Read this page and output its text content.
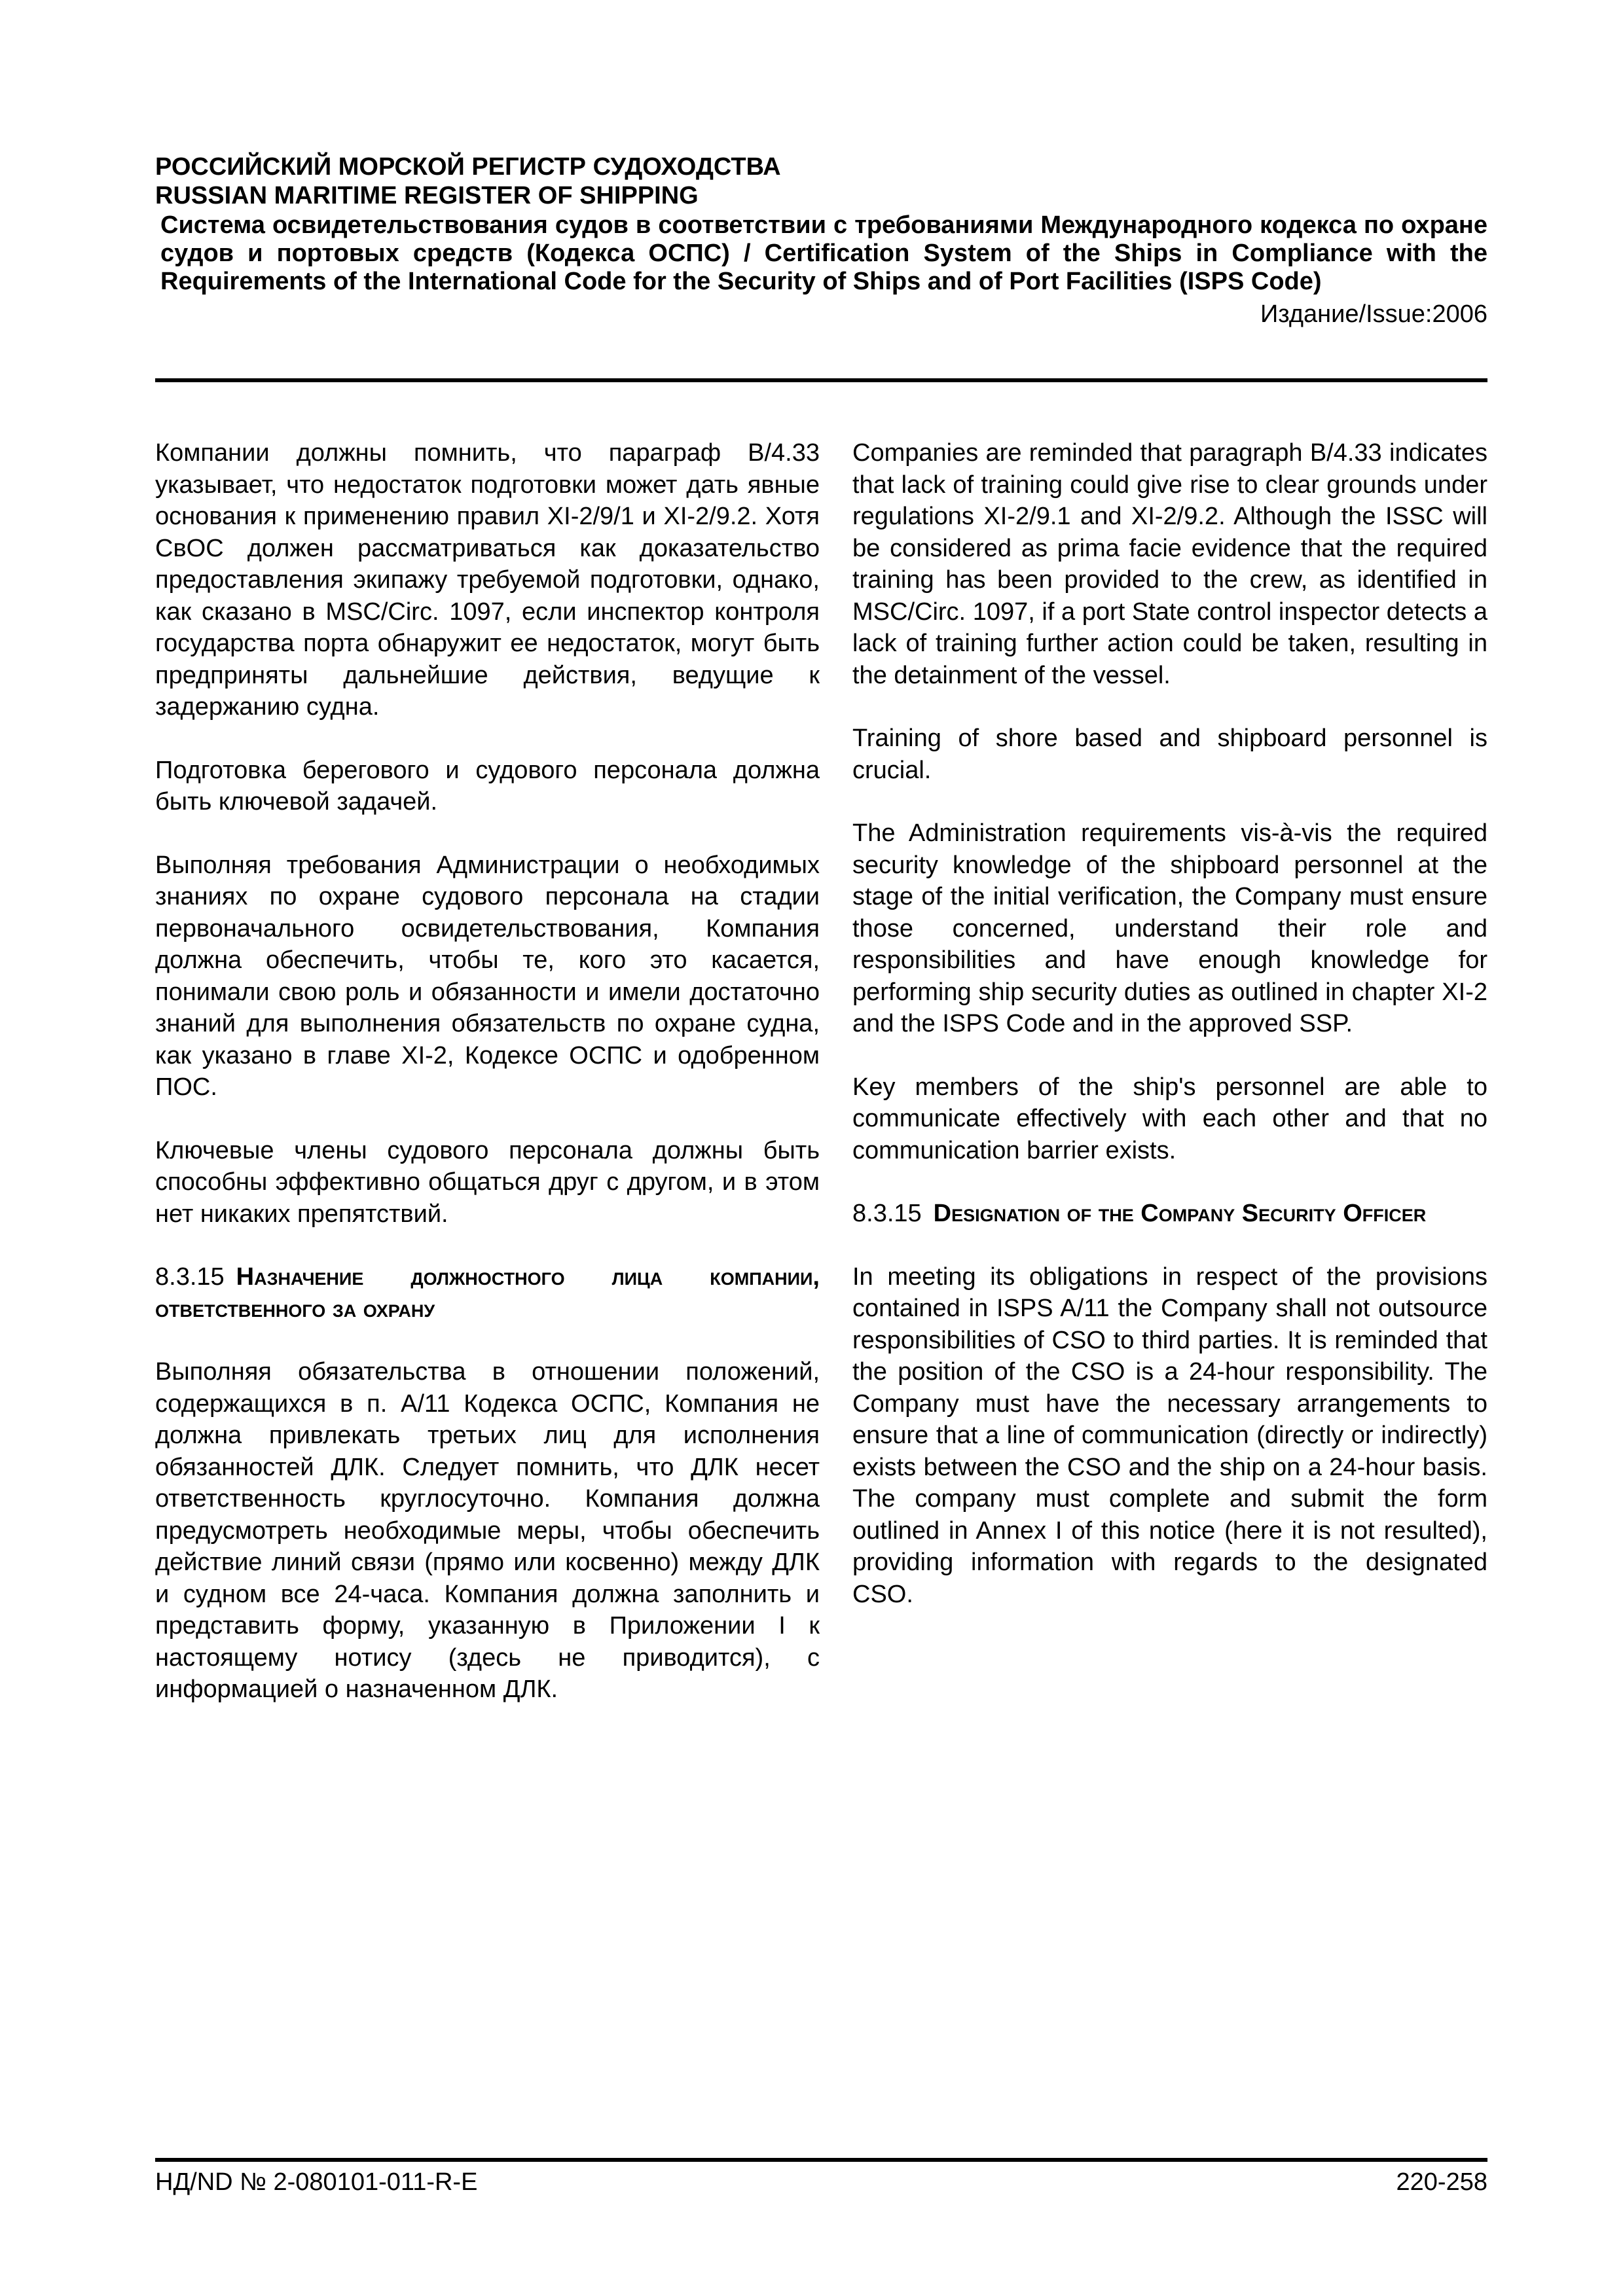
РОССИЙСКИЙ МОРСКОЙ РЕГИСТР СУДОХОДСТВА

RUSSIAN MARITIME REGISTER OF SHIPPING

Система освидетельствования судов в соответствии с требованиями Международного кодекса по охране судов и портовых средств (Кодекса ОСПС) / Certification System of the Ships in Compliance with the Requirements of the International Code for the Security of Ships and of Port Facilities (ISPS Code)

Издание/Issue:2006

Компании должны помнить, что параграф B/4.33 указывает, что недостаток подготовки может дать явные основания к применению правил XI-2/9/1 и XI-2/9.2. Хотя СвОС должен рассматриваться как доказательство предоставления экипажу требуемой подготовки, однако, как сказано в MSC/Circ. 1097, если инспектор контроля государства порта обнаружит ее недостаток, могут быть предприняты дальнейшие действия, ведущие к задержанию судна.

Подготовка берегового и судового персонала должна быть ключевой задачей.

Выполняя требования Администрации о необходимых знаниях по охране судового персонала на стадии первоначального освидетельствования, Компания должна обеспечить, чтобы те, кого это касается, понимали свою роль и обязанности и имели достаточно знаний для выполнения обязательств по охране судна, как указано в главе XI-2, Кодексе ОСПС и одобренном ПОС.

Ключевые члены судового персонала должны быть способны эффективно общаться друг с другом, и в этом нет никаких препятствий.

8.3.15 Назначение должностного лица компании, ответственного за охрану

Выполняя обязательства в отношении положений, содержащихся в п. A/11 Кодекса ОСПС, Компания не должна привлекать третьих лиц для исполнения обязанностей ДЛК. Следует помнить, что ДЛК несет ответственность круглосуточно. Компания должна предусмотреть необходимые меры, чтобы обеспечить действие линий связи (прямо или косвенно) между ДЛК и судном все 24-часа. Компания должна заполнить и представить форму, указанную в Приложении I к настоящему нотису (здесь не приводится), с информацией о назначенном ДЛК.

Companies are reminded that paragraph B/4.33 indicates that lack of training could give rise to clear grounds under regulations XI-2/9.1 and XI-2/9.2. Although the ISSC will be considered as prima facie evidence that the required training has been provided to the crew, as identified in MSC/Circ. 1097, if a port State control inspector detects a lack of training further action could be taken, resulting in the detainment of the vessel.

Training of shore based and shipboard personnel is crucial.

The Administration requirements vis-à-vis the required security knowledge of the shipboard personnel at the stage of the initial verification, the Company must ensure those concerned, understand their role and responsibilities and have enough knowledge for performing ship security duties as outlined in chapter XI-2 and the ISPS Code and in the approved SSP.

Key members of the ship's personnel are able to communicate effectively with each other and that no communication barrier exists.

8.3.15 Designation of the Company Security Officer

In meeting its obligations in respect of the provisions contained in ISPS A/11 the Company shall not outsource responsibilities of CSO to third parties. It is reminded that the position of the CSO is a 24-hour responsibility. The Company must have the necessary arrangements to ensure that a line of communication (directly or indirectly) exists between the CSO and the ship on a 24-hour basis. The company must complete and submit the form outlined in Annex I of this notice (here it is not resulted), providing information with regards to the designated CSO.

НД/ND № 2-080101-011-R-E	220-258
